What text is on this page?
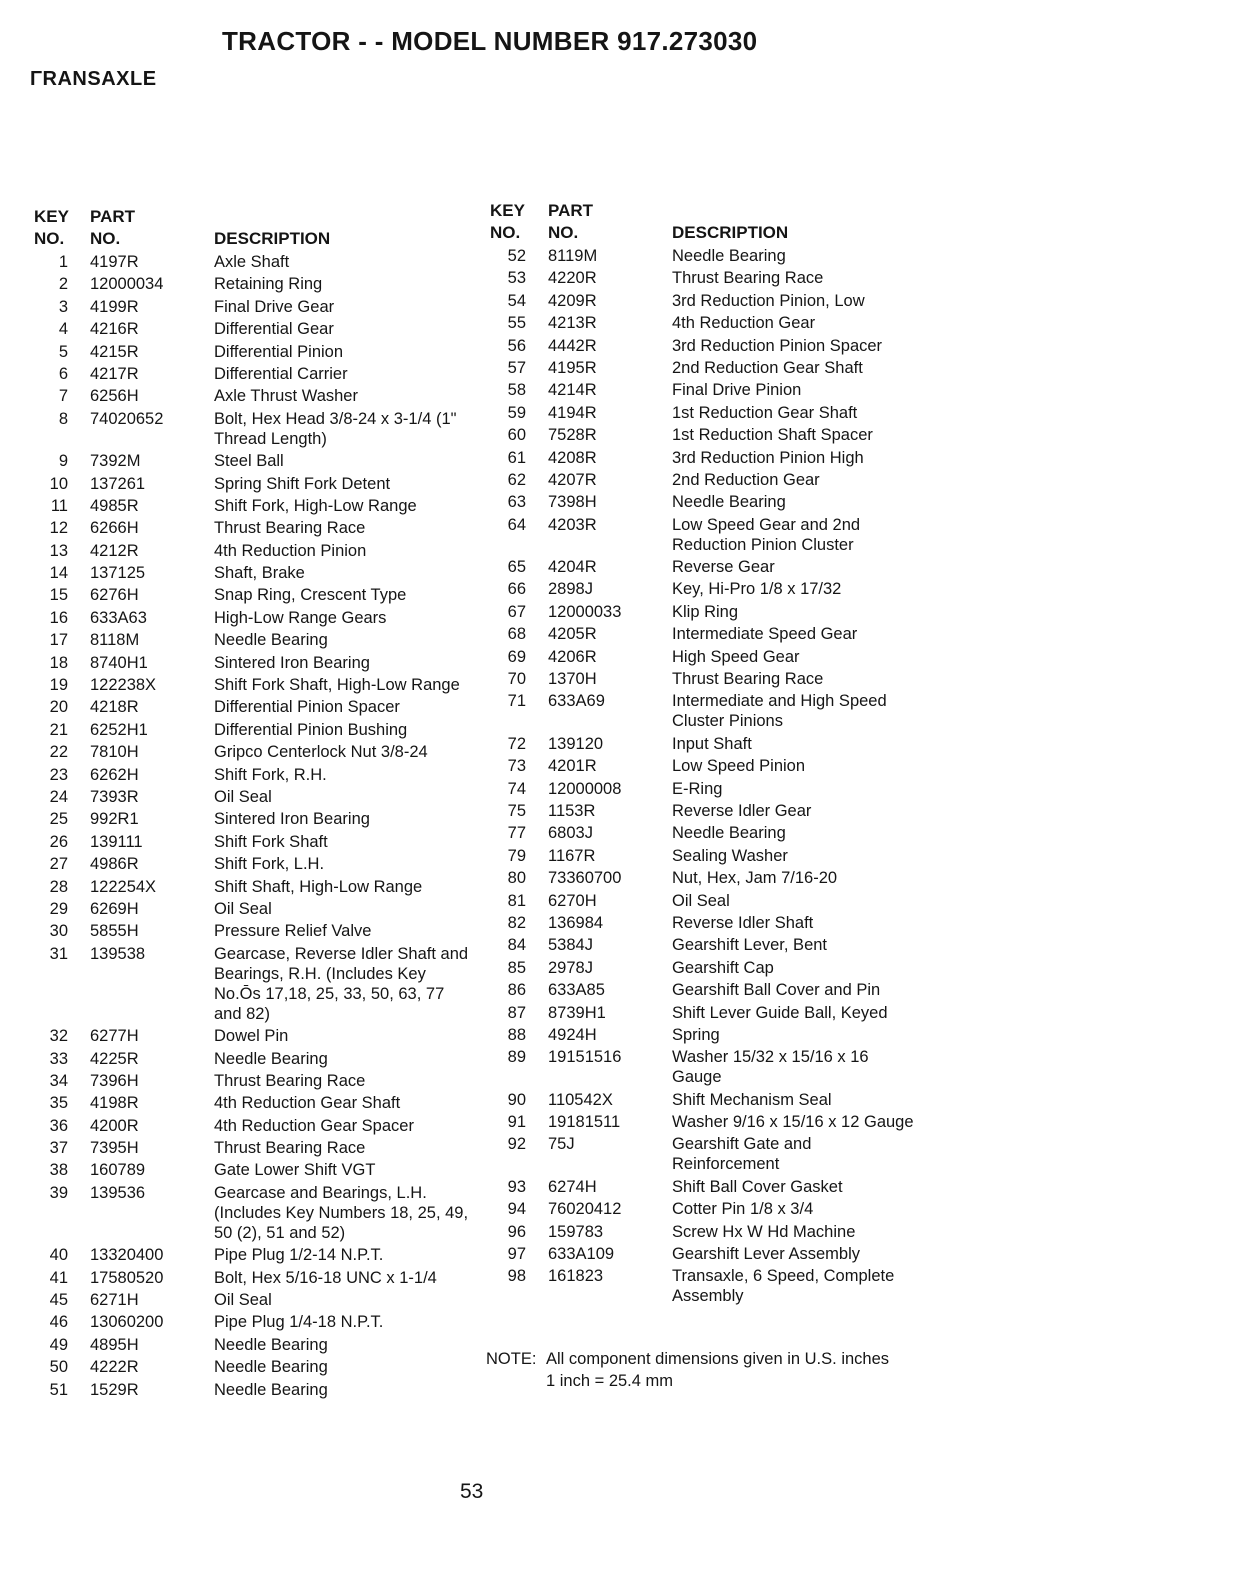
TRACTOR - - MODEL NUMBER 917.273030
ΓRANSAXLE
ΚEY
ΝO.
PART
NO.	DESCRIPTION
1 4197R	Axle Shaft
2 12000034	Retaining Ring
3 4199R	Final Drive Gear
4 4216R	Differential Gear
5 4215R	Differential Pinion
6 4217R	Differential Carrier
7 6256H	Axle Thrust Washer
8 74020652	Bolt, Hex Head 3/8-24 x 3-1/4 (1" Thread Length)
9 7392M	Steel Ball
10 137261	Spring Shift Fork Detent
11 4985R	Shift Fork, High-Low Range
12 6266H	Thrust Bearing Race
13 4212R	4th Reduction Pinion
14 137125	Shaft, Brake
15 6276H	Snap Ring, Crescent Type
16 633A63	High-Low Range Gears
17 8118M	Needle Bearing
18 8740H1	Sintered Iron Bearing
19 122238X	Shift Fork Shaft, High-Low Range
20 4218R	Differential Pinion Spacer
21 6252H1	Differential Pinion Bushing
22 7810H	Gripco Centerlock Nut 3/8-24
23 6262H	Shift Fork, R.H.
24 7393R	Oil Seal
25 992R1	Sintered Iron Bearing
26 139111	Shift Fork Shaft
27 4986R	Shift Fork, L.H.
28 122254X	Shift Shaft, High-Low Range
29 6269H	Oil Seal
30 5855H	Pressure Relief Valve
31 139538	Gearcase, Reverse Idler Shaft and Bearings, R.H. (Includes Key No.Ōs 17,18, 25, 33, 50, 63, 77 and 82)
32 6277H	Dowel Pin
33 4225R	Needle Bearing
34 7396H	Thrust Bearing Race
35 4198R	4th Reduction Gear Shaft
36 4200R	4th Reduction Gear Spacer
37 7395H	Thrust Bearing Race
38 160789	Gate Lower Shift VGT
39 139536	Gearcase and Bearings, L.H. (Includes Key Numbers 18, 25, 49, 50 (2), 51 and 52)
40 13320400	Pipe Plug 1/2-14 N.P.T.
41 17580520	Bolt, Hex 5/16-18 UNC x 1-1/4
45 6271H	Oil Seal
46 13060200	Pipe Plug 1/4-18 N.P.T.
49 4895H	Needle Bearing
50 4222R	Needle Bearing
51 1529R	Needle Bearing
KEY
NO.
PART
NO.	DESCRIPTION
52 8119M	Needle Bearing
53 4220R	Thrust Bearing Race
54 4209R	3rd Reduction Pinion, Low
55 4213R	4th Reduction Gear
56 4442R	3rd Reduction Pinion Spacer
57 4195R	2nd Reduction Gear Shaft
58 4214R	Final Drive Pinion
59 4194R	1st Reduction Gear Shaft
60 7528R	1st Reduction Shaft Spacer
61 4208R	3rd Reduction Pinion High
62 4207R	2nd Reduction Gear
63 7398H	Needle Bearing
64 4203R	Low Speed Gear and 2nd Reduction Pinion Cluster
65 4204R	Reverse Gear
66 2898J	Key, Hi-Pro 1/8 x 17/32
67 12000033	Klip Ring
68 4205R	Intermediate Speed Gear
69 4206R	High Speed Gear
70 1370H	Thrust Bearing Race
71 633A69	Intermediate and High Speed Cluster Pinions
72 139120	Input Shaft
73 4201R	Low Speed Pinion
74 12000008	E-Ring
75 1153R	Reverse Idler Gear
77 6803J	Needle Bearing
79 1167R	Sealing Washer
80 73360700	Nut, Hex, Jam 7/16-20
81 6270H	Oil Seal
82 136984	Reverse Idler Shaft
84 5384J	Gearshift Lever, Bent
85 2978J	Gearshift Cap
86 633A85	Gearshift Ball Cover and Pin
87 8739H1	Shift Lever Guide Ball, Keyed
88 4924H	Spring
89 19151516	Washer 15/32 x 15/16 x 16 Gauge
90 110542X	Shift Mechanism Seal
91 19181511	Washer 9/16 x 15/16 x 12 Gauge
92 75J	Gearshift Gate and Reinforcement
93 6274H	Shift Ball Cover Gasket
94 76020412	Cotter Pin 1/8 x 3/4
96 159783	Screw Hx W Hd Machine
97 633A109	Gearshift Lever Assembly
98 161823	Transaxle, 6 Speed, Complete Assembly
NOTE: All component dimensions given in U.S. inches
1 inch = 25.4 mm
53
